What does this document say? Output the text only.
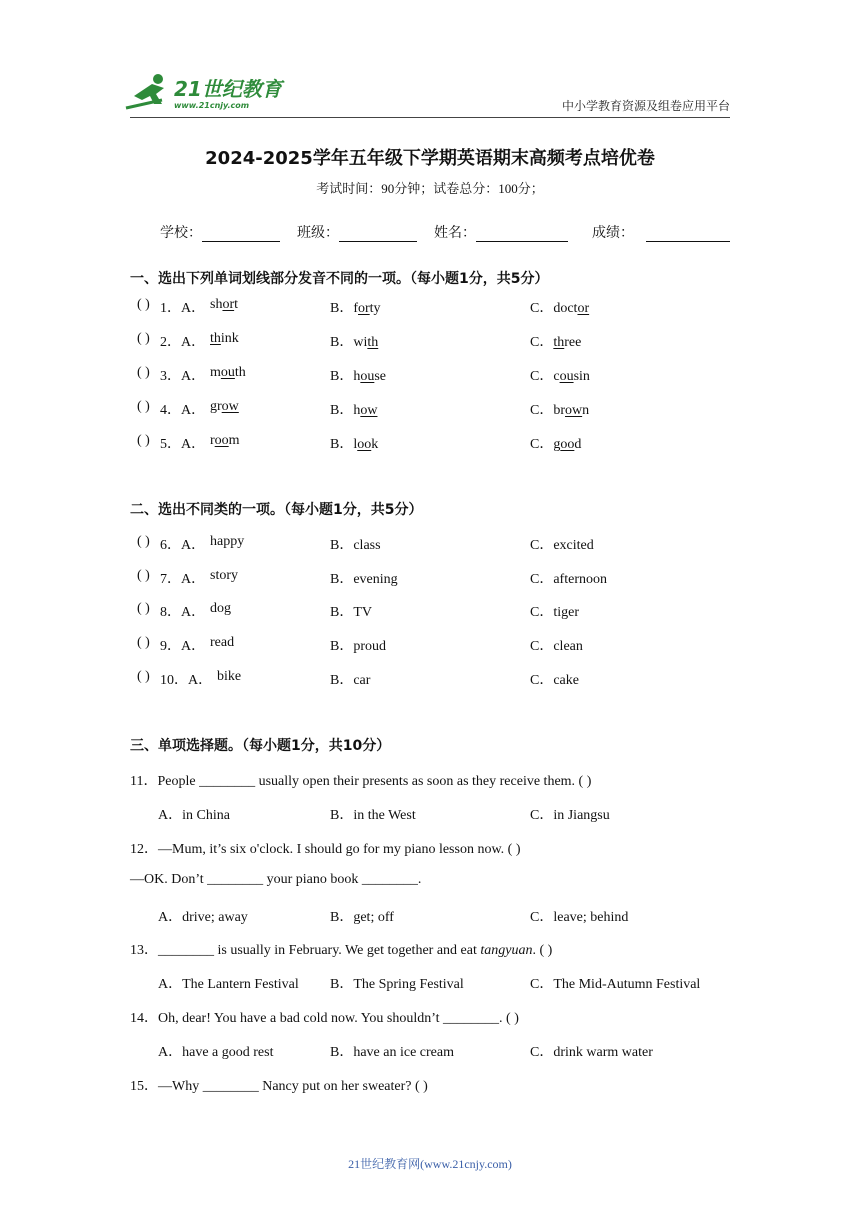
21世纪教育
www.21cnjy.com	中小学教育资源及组卷应用平台
2024-2025学年五年级下学期英语期末高频考点培优卷
考试时间：90分钟；试卷总分：100分；
学校：	班级：	姓名：	成绩：
一、选出下列单词划线部分发音不同的一项。（每小题1分，共5分）
( ) 1．A． short	B．forty	C．doctor
( ) 2．A． think	B．with	C．three
( ) 3．A． mouth	B．house	C．cousin
( ) 4．A． grow	B．how	C．brown
( ) 5．A． room	B．look	C．good
二、选出不同类的一项。（每小题1分，共5分）
( ) 6．A． happy	B．class	C．excited
( ) 7．A． story	B．evening	C．afternoon
( ) 8．A． dog	B．TV	C．tiger
( ) 9．A． read	B．proud	C．clean
( ) 10．A． bike	B．car	C．cake
三、单项选择题。（每小题1分，共10分）
11．People ________ usually open their presents as soon as they receive them. ( )
A．in China	B．in the West	C．in Jiangsu
12．—Mum, it’s six o'clock. I should go for my piano lesson now. ( )
—OK. Don’t ________ your piano book ________.
A．drive; away	B．get; off	C．leave; behind
13．________ is usually in February. We get together and eat tangyuan. ( )
A．The Lantern Festival B．The Spring Festival	C．The Mid-Autumn Festival
14．Oh, dear! You have a bad cold now. You shouldn’t ________. ( )
A．have a good rest	B．have an ice cream	C．drink warm water
15．—Why ________ Nancy put on her sweater? ( )
21世纪教育网(www.21cnjy.com)
